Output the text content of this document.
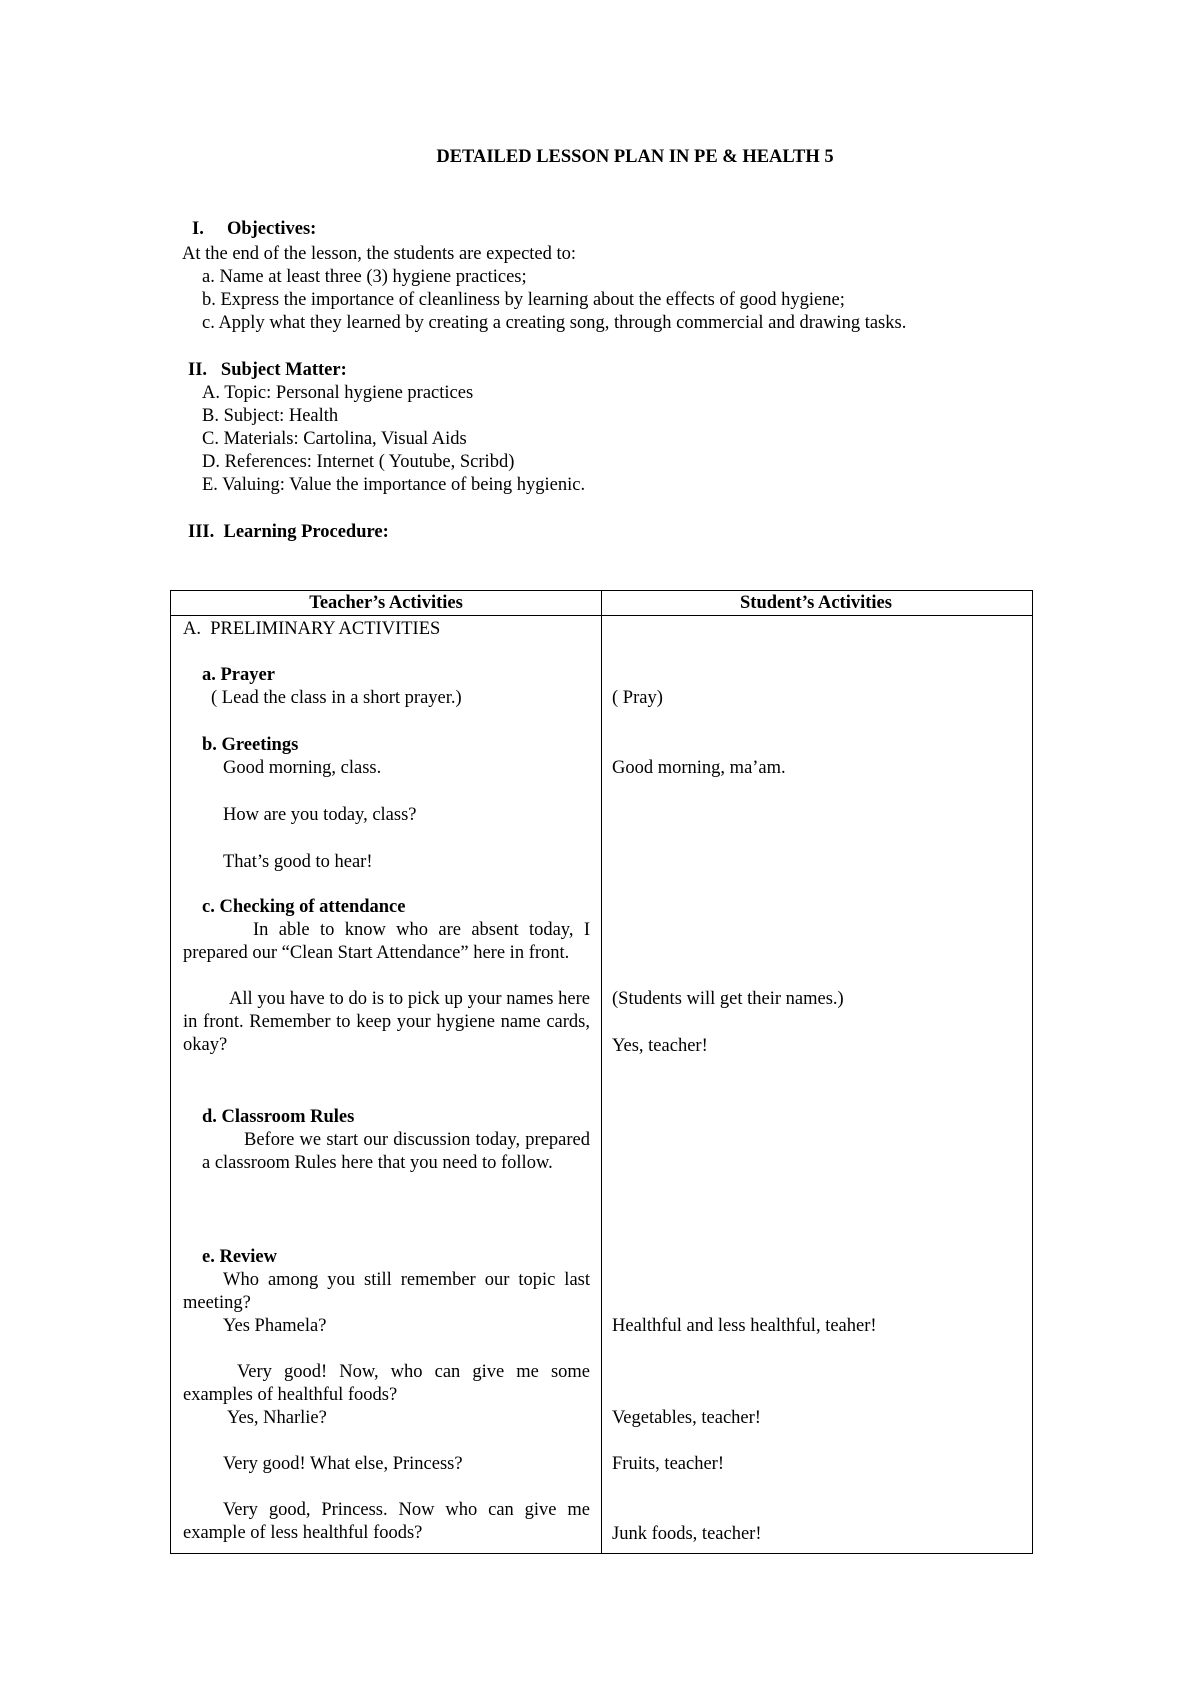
DETAILED LESSON PLAN IN PE & HEALTH 5
I.     Objectives:
At the end of the lesson, the students are expected to:
a. Name at least three (3) hygiene practices;
b. Express the importance of cleanliness by learning about the effects of good hygiene;
c. Apply what they learned by creating a creating song, through commercial and drawing tasks.
II.   Subject Matter:
A. Topic: Personal hygiene practices
B. Subject: Health
C. Materials: Cartolina, Visual Aids
D. References: Internet ( Youtube, Scribd)
E. Valuing: Value the importance of being hygienic.
III.  Learning Procedure:
Teacher’s Activities	Student’s Activities
A.  PRELIMINARY ACTIVITIES
a. Prayer
( Lead the class in a short prayer.)
b. Greetings
Good morning, class.
How are you today, class?
That’s good to hear!
c. Checking of attendance
In able to know who are absent today, I prepared our “Clean Start Attendance” here in front.
All you have to do is to pick up your names here in front. Remember to keep your hygiene name cards, okay?
d. Classroom Rules
Before we start our discussion today, prepared a classroom Rules here that you need to follow.
e. Review
Who among you still remember our topic last meeting?
Yes Phamela?
Very good! Now, who can give me some examples of healthful foods?
Yes, Nharlie?
Very good! What else, Princess?
Very good, Princess. Now who can give me example of less healthful foods?
( Pray)
Good morning, ma’am.
(Students will get their names.)
Yes, teacher!
Healthful and less healthful, teaher!
Vegetables, teacher!
Fruits, teacher!
Junk foods, teacher!
